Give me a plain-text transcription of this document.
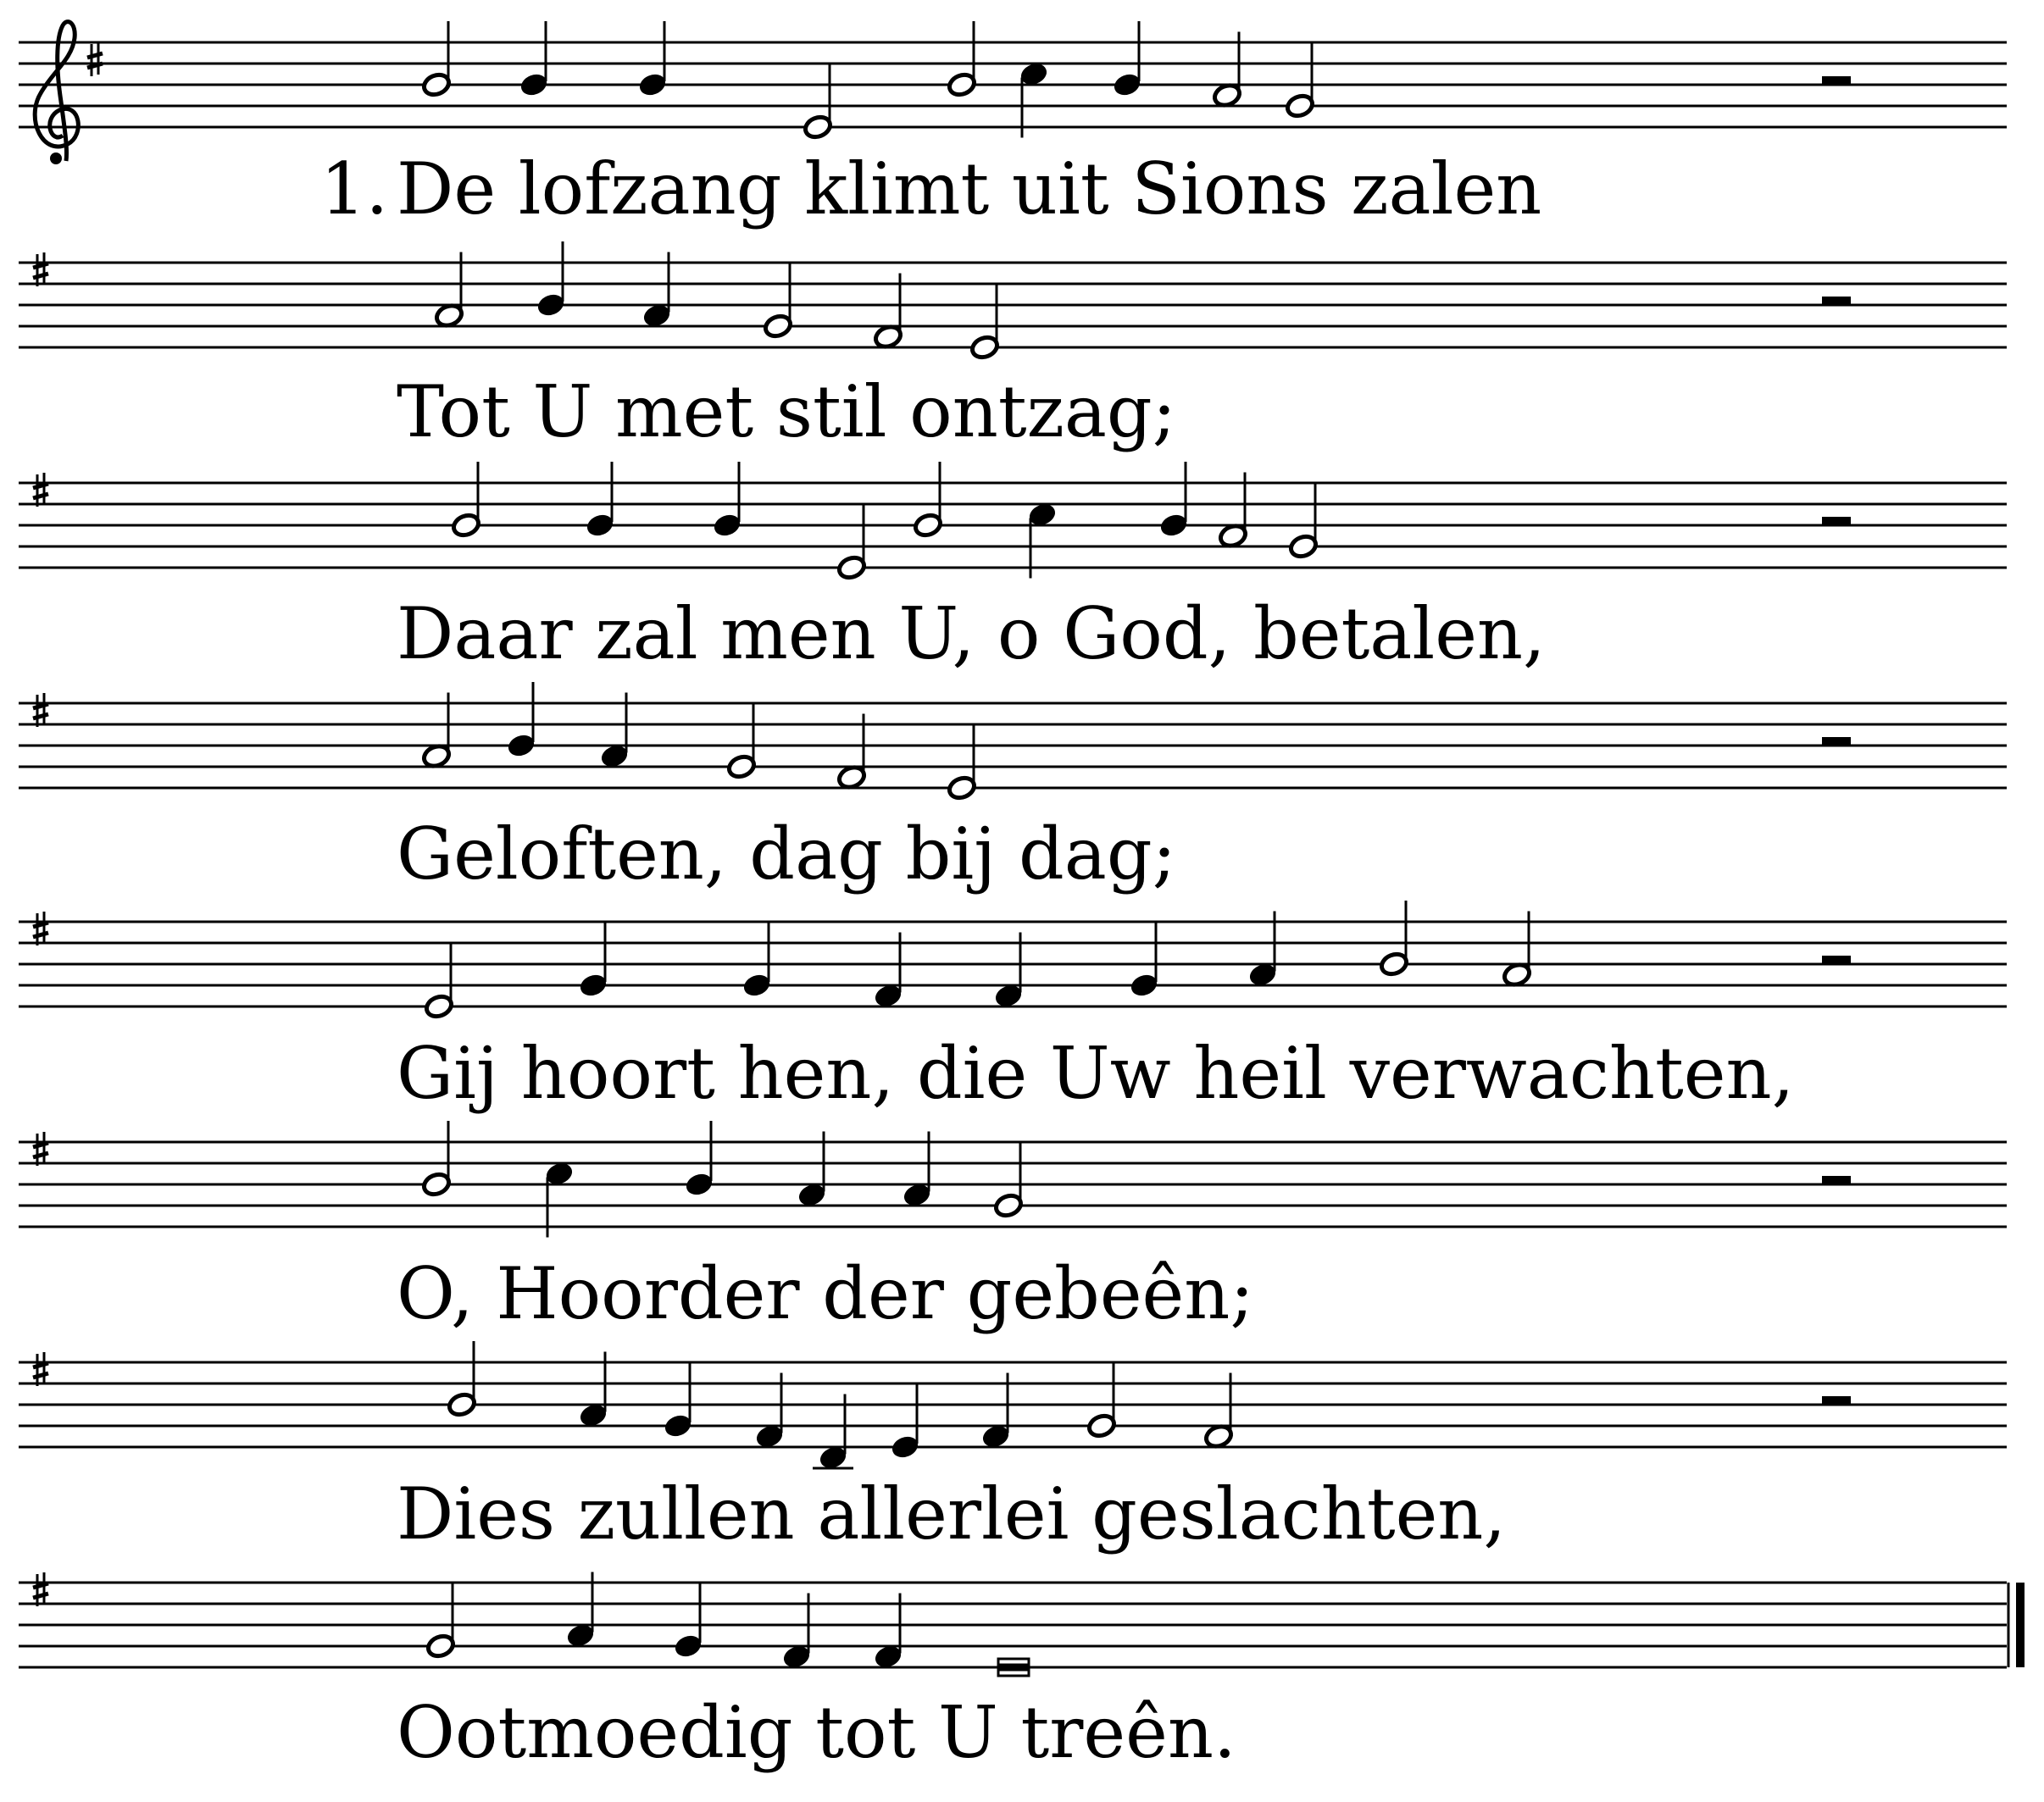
1. De lofzang klimt uit Sions zalen
Tot U met stil ontzag;
Daar zal men U, o God, betalen,
Geloften, dag bij dag;
Gij hoort hen, die Uw heil verwachten,
O, Hoorder der gebeên;
Dies zullen allerlei geslachten,
Ootmoedig tot U treên.
